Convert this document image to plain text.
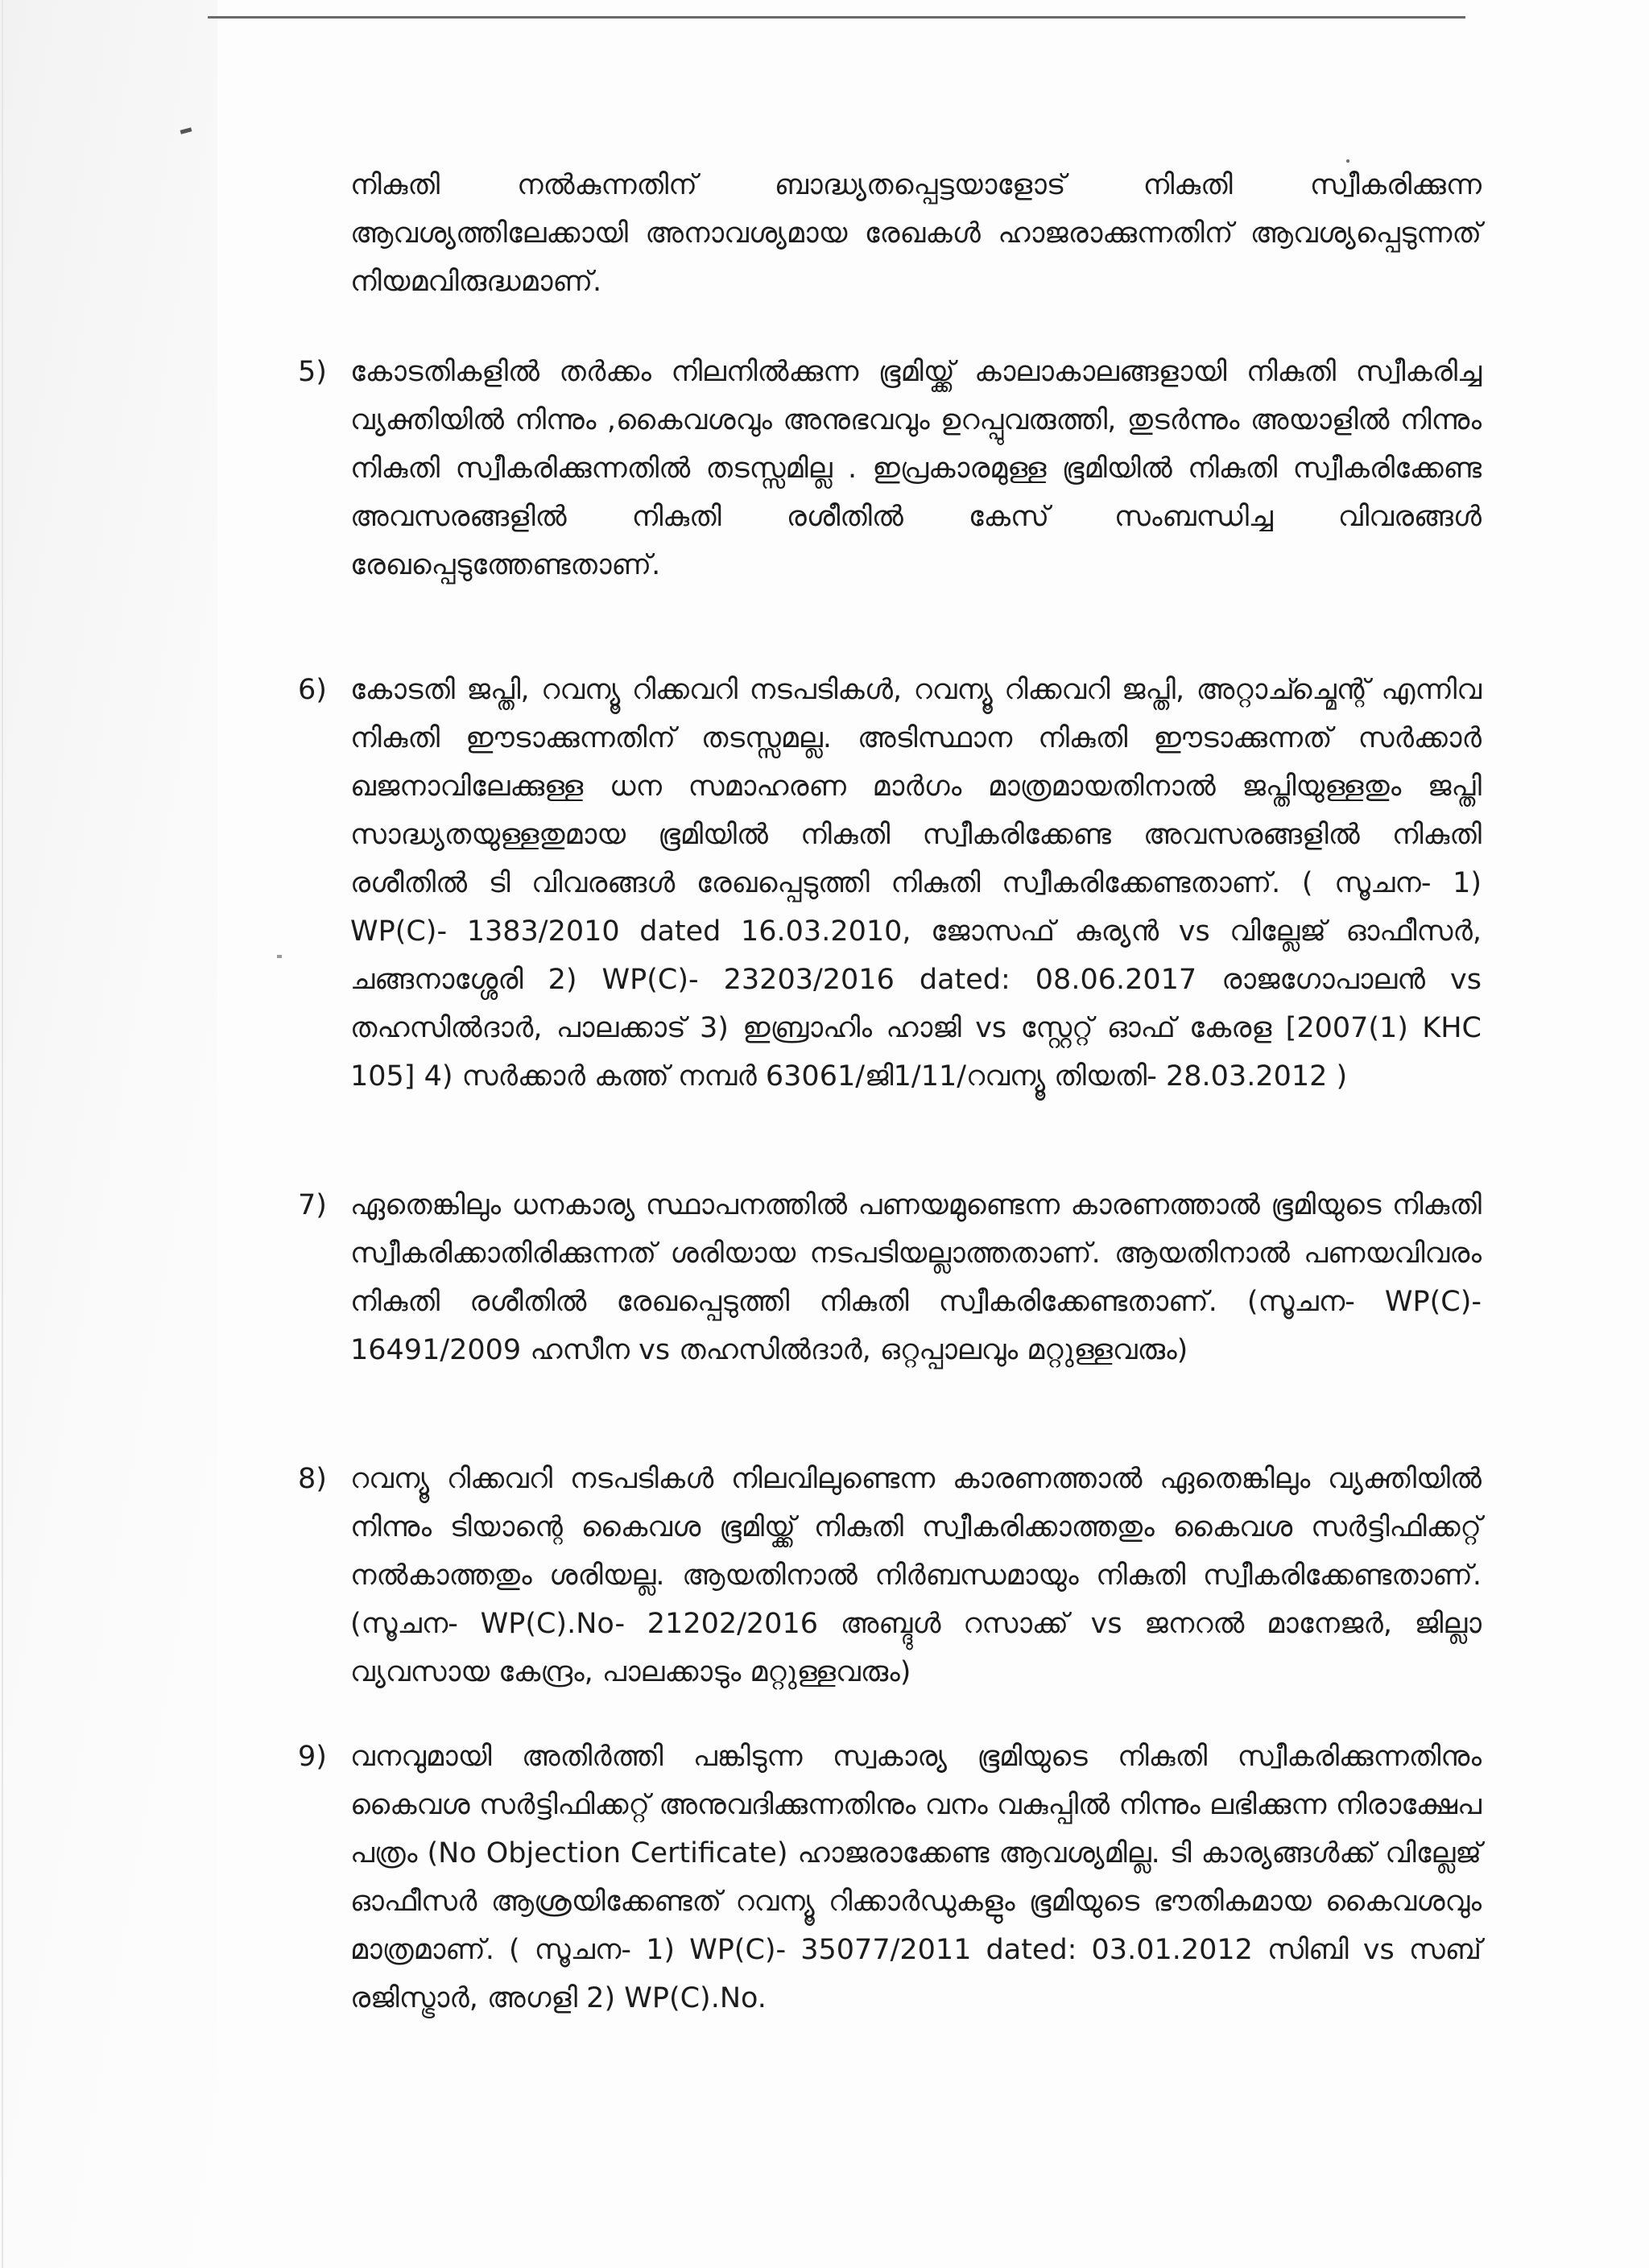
നികുതി നൽകുന്നതിന് ബാദ്ധ്യതപ്പെട്ടയാളോട് നികുതി സ്വീകരിക്കുന്ന ആവശ്യത്തിലേക്കായി അനാവശ്യമായ രേഖകൾ ഹാജരാക്കുന്നതിന് ആവശ്യപ്പെടുന്നത് നിയമവിരുദ്ധമാണ്.
5) കോടതികളിൽ തർക്കം നിലനിൽക്കുന്ന ഭൂമിയ്ക്ക് കാലാകാലങ്ങളായി നികുതി സ്വീകരിച്ച വ്യക്തിയിൽ നിന്നും ,കൈവശവും അനുഭവവും ഉറപ്പുവരുത്തി, തുടർന്നും അയാളിൽ നിന്നും നികുതി സ്വീകരിക്കുന്നതിൽ തടസ്സമില്ല . ഇപ്രകാരമുള്ള ഭൂമിയിൽ നികുതി സ്വീകരിക്കേണ്ട അവസരങ്ങളിൽ നികുതി രശീതിൽ കേസ് സംബന്ധിച്ച വിവരങ്ങൾ രേഖപ്പെടുത്തേണ്ടതാണ്.
6) കോടതി ജപ്തി, റവന്യൂ റിക്കവറി നടപടികൾ, റവന്യൂ റിക്കവറി ജപ്തി, അറ്റാച്ച്മെന്റ് എന്നിവ നികുതി ഈടാക്കുന്നതിന് തടസ്സമല്ല. അടിസ്ഥാന നികുതി ഈടാക്കുന്നത് സർക്കാർ ഖജനാവിലേക്കുള്ള ധന സമാഹരണ മാർഗം മാത്രമായതിനാൽ ജപ്തിയുള്ളതും ജപ്തി സാദ്ധ്യതയുള്ളതുമായ ഭൂമിയിൽ നികുതി സ്വീകരിക്കേണ്ട അവസരങ്ങളിൽ നികുതി രശീതിൽ ടി വിവരങ്ങൾ രേഖപ്പെടുത്തി നികുതി സ്വീകരിക്കേണ്ടതാണ്. ( സൂചന- 1) WP(C)- 1383/2010 dated 16.03.2010, ജോസഫ് കുര്യൻ vs വില്ലേജ് ഓഫീസർ, ചങ്ങനാശ്ശേരി 2) WP(C)- 23203/2016 dated: 08.06.2017 രാജഗോപാലൻ vs തഹസിൽദാർ, പാലക്കാട് 3) ഇബ്രാഹിം ഹാജി vs സ്റ്റേറ്റ് ഓഫ് കേരള [2007(1) KHC 105] 4) സർക്കാർ കത്ത് നമ്പർ 63061/ജി1/11/റവന്യൂ തിയതി- 28.03.2012 )
7) ഏതെങ്കിലും ധനകാര്യ സ്ഥാപനത്തിൽ പണയമുണ്ടെന്ന കാരണത്താൽ ഭൂമിയുടെ നികുതി സ്വീകരിക്കാതിരിക്കുന്നത് ശരിയായ നടപടിയല്ലാത്തതാണ്. ആയതിനാൽ പണയവിവരം നികുതി രശീതിൽ രേഖപ്പെടുത്തി നികുതി സ്വീകരിക്കേണ്ടതാണ്. (സൂചന- WP(C)- 16491/2009 ഹസീന vs തഹസിൽദാർ, ഒറ്റപ്പാലവും മറ്റുള്ളവരും)
8) റവന്യൂ റിക്കവറി നടപടികൾ നിലവിലുണ്ടെന്ന കാരണത്താൽ ഏതെങ്കിലും വ്യക്തിയിൽ നിന്നും ടിയാന്റെ കൈവശ ഭൂമിയ്ക്ക് നികുതി സ്വീകരിക്കാത്തതും കൈവശ സർട്ടിഫിക്കറ്റ് നൽകാത്തതും ശരിയല്ല. ആയതിനാൽ നിർബന്ധമായും നികുതി സ്വീകരിക്കേണ്ടതാണ്. (സൂചന- WP(C).No- 21202/2016 അബ്ദുൾ റസാക്ക് vs ജനറൽ മാനേജർ, ജില്ലാ വ്യവസായ കേന്ദ്രം, പാലക്കാടും മറ്റുള്ളവരും)
9) വനവുമായി അതിർത്തി പങ്കിടുന്ന സ്വകാര്യ ഭൂമിയുടെ നികുതി സ്വീകരിക്കുന്നതിനും കൈവശ സർട്ടിഫിക്കറ്റ് അനുവദിക്കുന്നതിനും വനം വകുപ്പിൽ നിന്നും ലഭിക്കുന്ന നിരാക്ഷേപ പത്രം (No Objection Certificate) ഹാജരാക്കേണ്ട ആവശ്യമില്ല. ടി കാര്യങ്ങൾക്ക് വില്ലേജ് ഓഫീസർ ആശ്രയിക്കേണ്ടത് റവന്യൂ റിക്കാർഡുകളും ഭൂമിയുടെ ഭൗതികമായ കൈവശവും മാത്രമാണ്. ( സൂചന- 1) WP(C)- 35077/2011 dated: 03.01.2012 സിബി vs സബ് രജിസ്ട്രാർ, അഗളി 2) WP(C).No.
